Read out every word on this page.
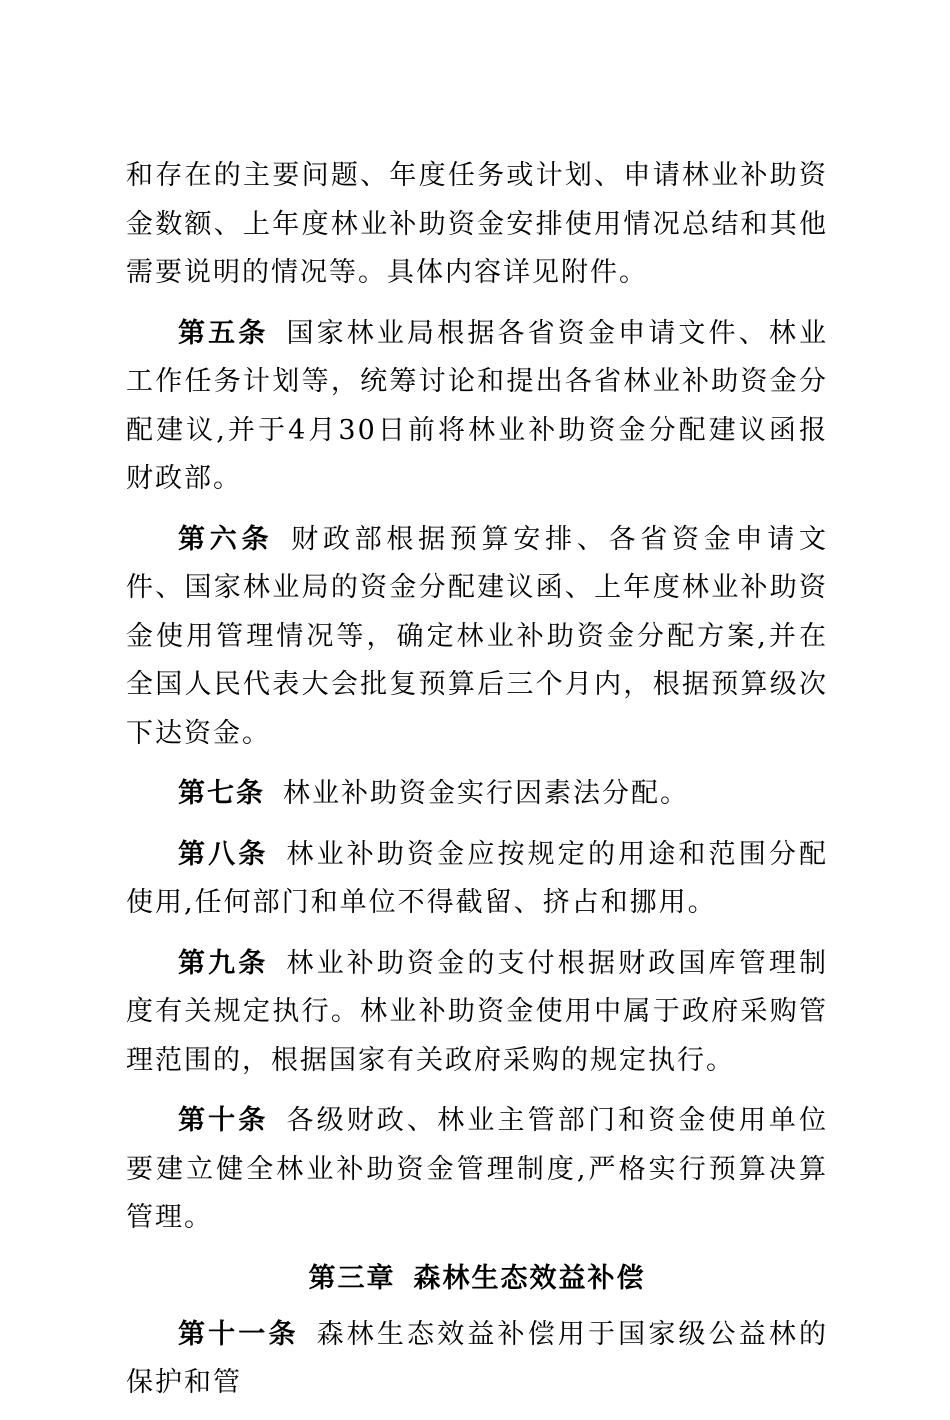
和存在的主要问题、年度任务或计划、申请林业补助资金数额、上年度林业补助资金安排使用情况总结和其他需要说明的情况等。具体内容详见附件。

第五条 国家林业局根据各省资金申请文件、林业工作任务计划等，统筹讨论和提出各省林业补助资金分配建议,并于4月30日前将林业补助资金分配建议函报财政部。

第六条 财政部根据预算安排、各省资金申请文件、国家林业局的资金分配建议函、上年度林业补助资金使用管理情况等，确定林业补助资金分配方案,并在全国人民代表大会批复预算后三个月内，根据预算级次下达资金。

第七条 林业补助资金实行因素法分配。

第八条 林业补助资金应按规定的用途和范围分配使用,任何部门和单位不得截留、挤占和挪用。

第九条 林业补助资金的支付根据财政国库管理制度有关规定执行。林业补助资金使用中属于政府采购管理范围的，根据国家有关政府采购的规定执行。

第十条 各级财政、林业主管部门和资金使用单位要建立健全林业补助资金管理制度,严格实行预算决算管理。

第三章 森林生态效益补偿

第十一条 森林生态效益补偿用于国家级公益林的保护和管
